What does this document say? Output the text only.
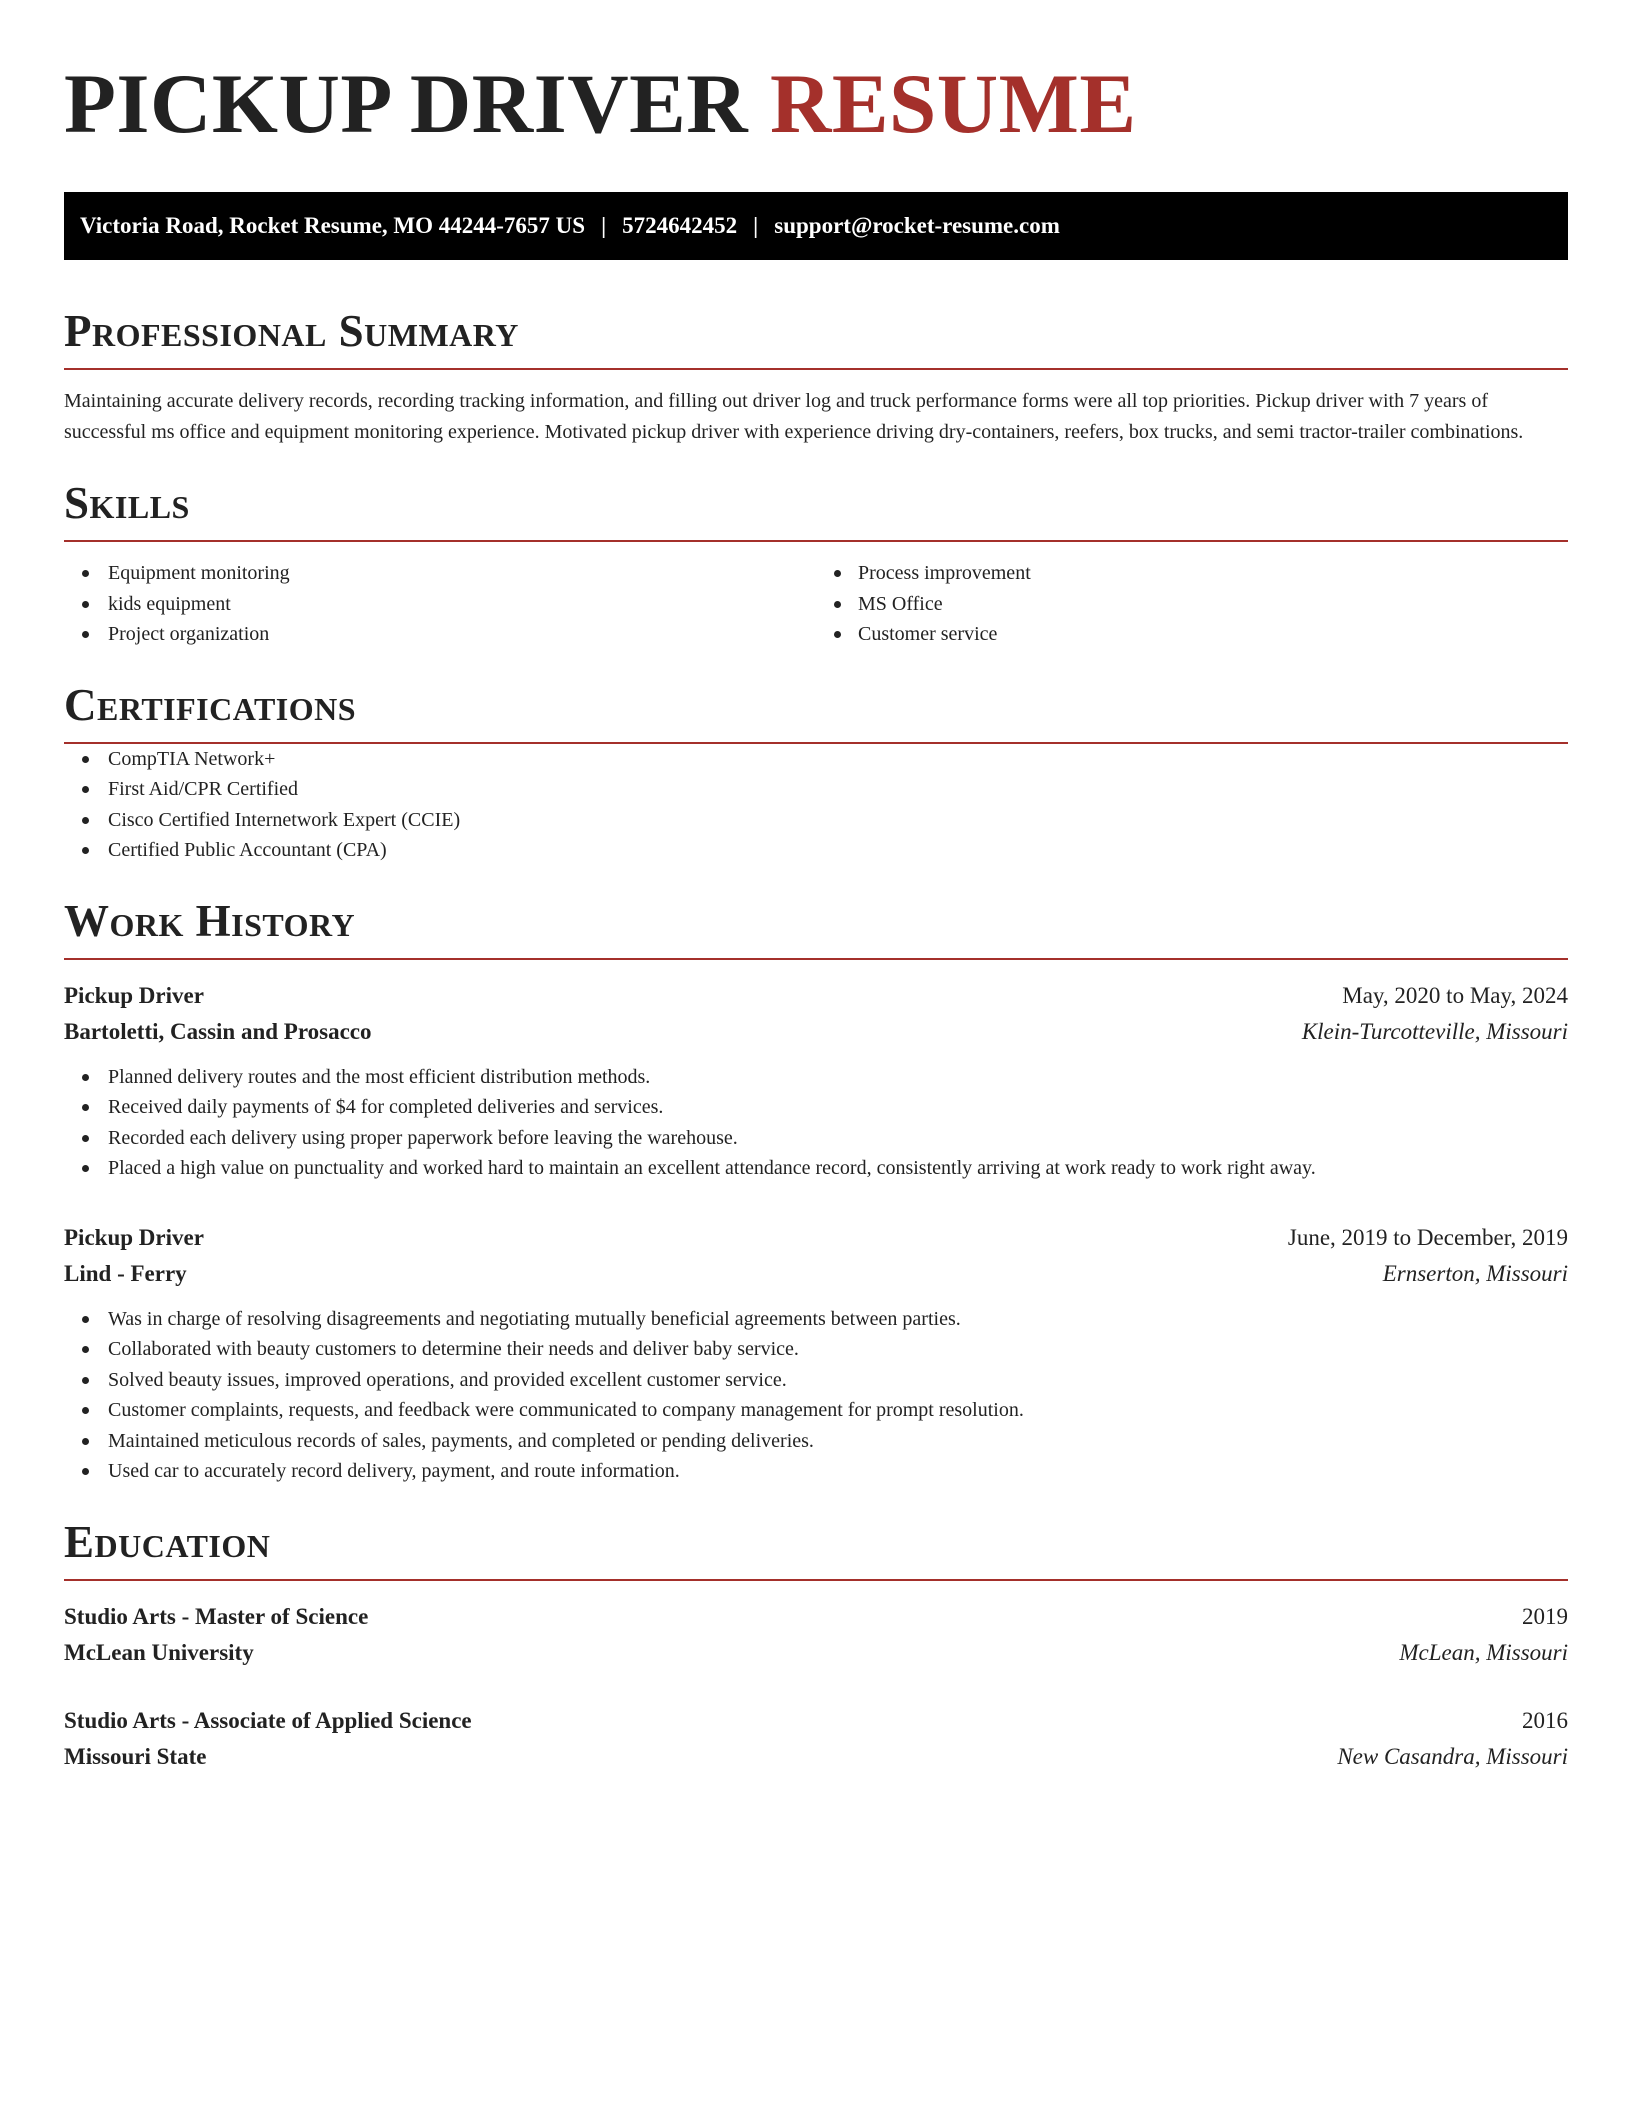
PICKUP DRIVER RESUME
Victoria Road, Rocket Resume, MO 44244-7657 US | 5724642452 | support@rocket-resume.com
Professional Summary

Maintaining accurate delivery records, recording tracking information, and filling out driver log and truck performance forms were all top priorities. Pickup driver with 7 years of successful ms office and equipment monitoring experience. Motivated pickup driver with experience driving dry-containers, reefers, box trucks, and semi tractor-trailer combinations.

Skills
Equipment monitoring
kids equipment
Project organization
Process improvement
MS Office
Customer service
Certifications
CompTIA Network+
First Aid/CPR Certified
Cisco Certified Internetwork Expert (CCIE)
Certified Public Accountant (CPA)
Work History
Pickup Driver	May, 2020 to May, 2024
Bartoletti, Cassin and Prosacco	Klein-Turcotteville, Missouri
Planned delivery routes and the most efficient distribution methods.
Received daily payments of $4 for completed deliveries and services.
Recorded each delivery using proper paperwork before leaving the warehouse.
Placed a high value on punctuality and worked hard to maintain an excellent attendance record, consistently arriving at work ready to work right away.
Pickup Driver	June, 2019 to December, 2019
Lind - Ferry	Ernserton, Missouri
Was in charge of resolving disagreements and negotiating mutually beneficial agreements between parties.
Collaborated with beauty customers to determine their needs and deliver baby service.
Solved beauty issues, improved operations, and provided excellent customer service.
Customer complaints, requests, and feedback were communicated to company management for prompt resolution.
Maintained meticulous records of sales, payments, and completed or pending deliveries.
Used car to accurately record delivery, payment, and route information.
Education
Studio Arts - Master of Science	2019
McLean University	McLean, Missouri
Studio Arts - Associate of Applied Science	2016
Missouri State	New Casandra, Missouri
